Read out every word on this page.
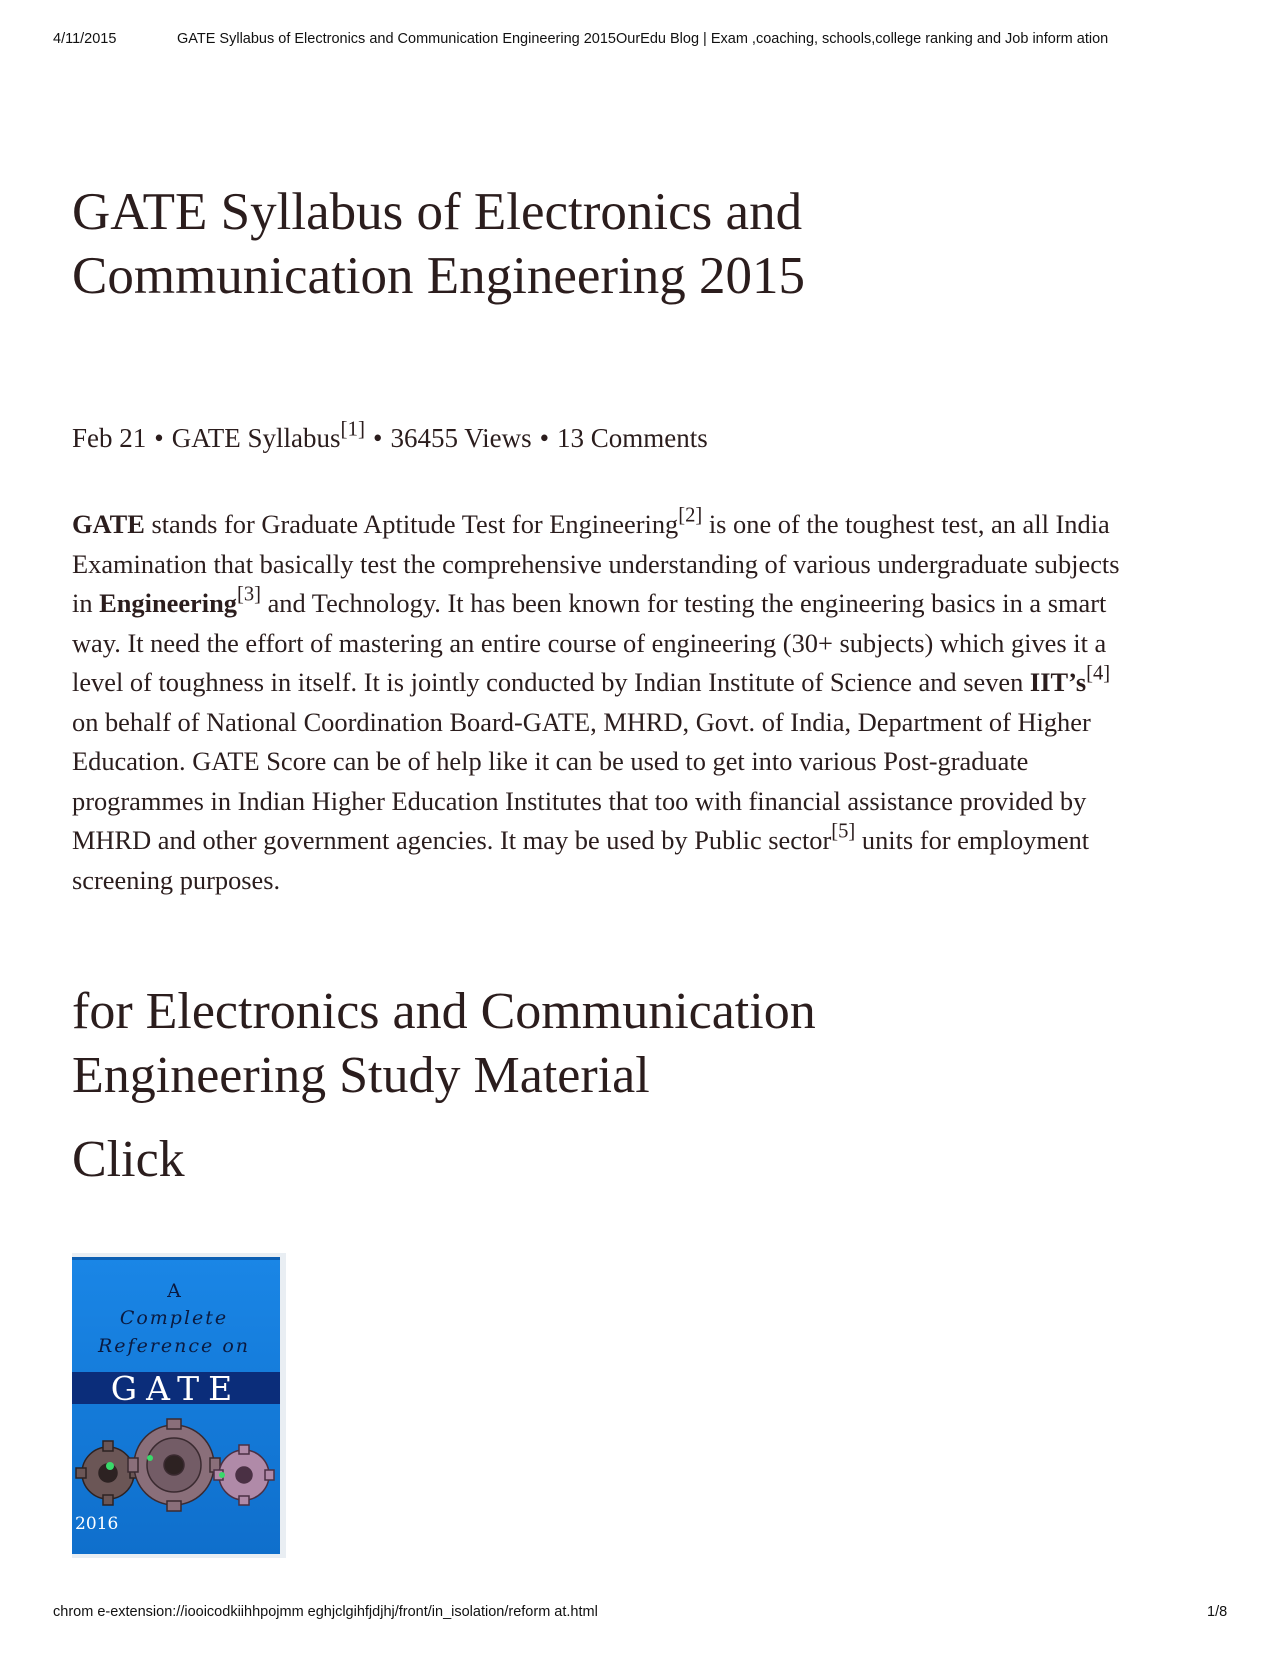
4/11/2015	GATE Syllabus of Electronics and Communication Engineering 2015OurEdu Blog | Exam ,coaching, schools,college ranking and Job inform ation
GATE Syllabus of Electronics and Communication Engineering 2015
Feb 21 • GATE Syllabus[1] • 36455 Views • 13 Comments

GATE stands for Graduate Aptitude Test for Engineering[2] is one of the toughest test, an all India Examination that basically test the comprehensive understanding of various undergraduate subjects in Engineering[3] and Technology. It has been known for testing the engineering basics in a smart way. It need the effort of mastering an entire course of engineering (30+ subjects) which gives it a level of toughness in itself. It is jointly conducted by Indian Institute of Science and seven IIT’s[4] on behalf of National Coordination Board-GATE, MHRD, Govt. of India, Department of Higher Education. GATE Score can be of help like it can be used to get into various Post-graduate programmes in Indian Higher Education Institutes that too with financial assistance provided by MHRD and other government agencies. It may be used by Public sector[5] units for employment screening purposes.

for Electronics and Communication Engineering Study Material
Click
A
Complete
Reference on
GATE
2016
chrom e-extension://iooicodkiihhpojmm eghjclgihfjdjhj/front/in_isolation/reform at.html	1/8
